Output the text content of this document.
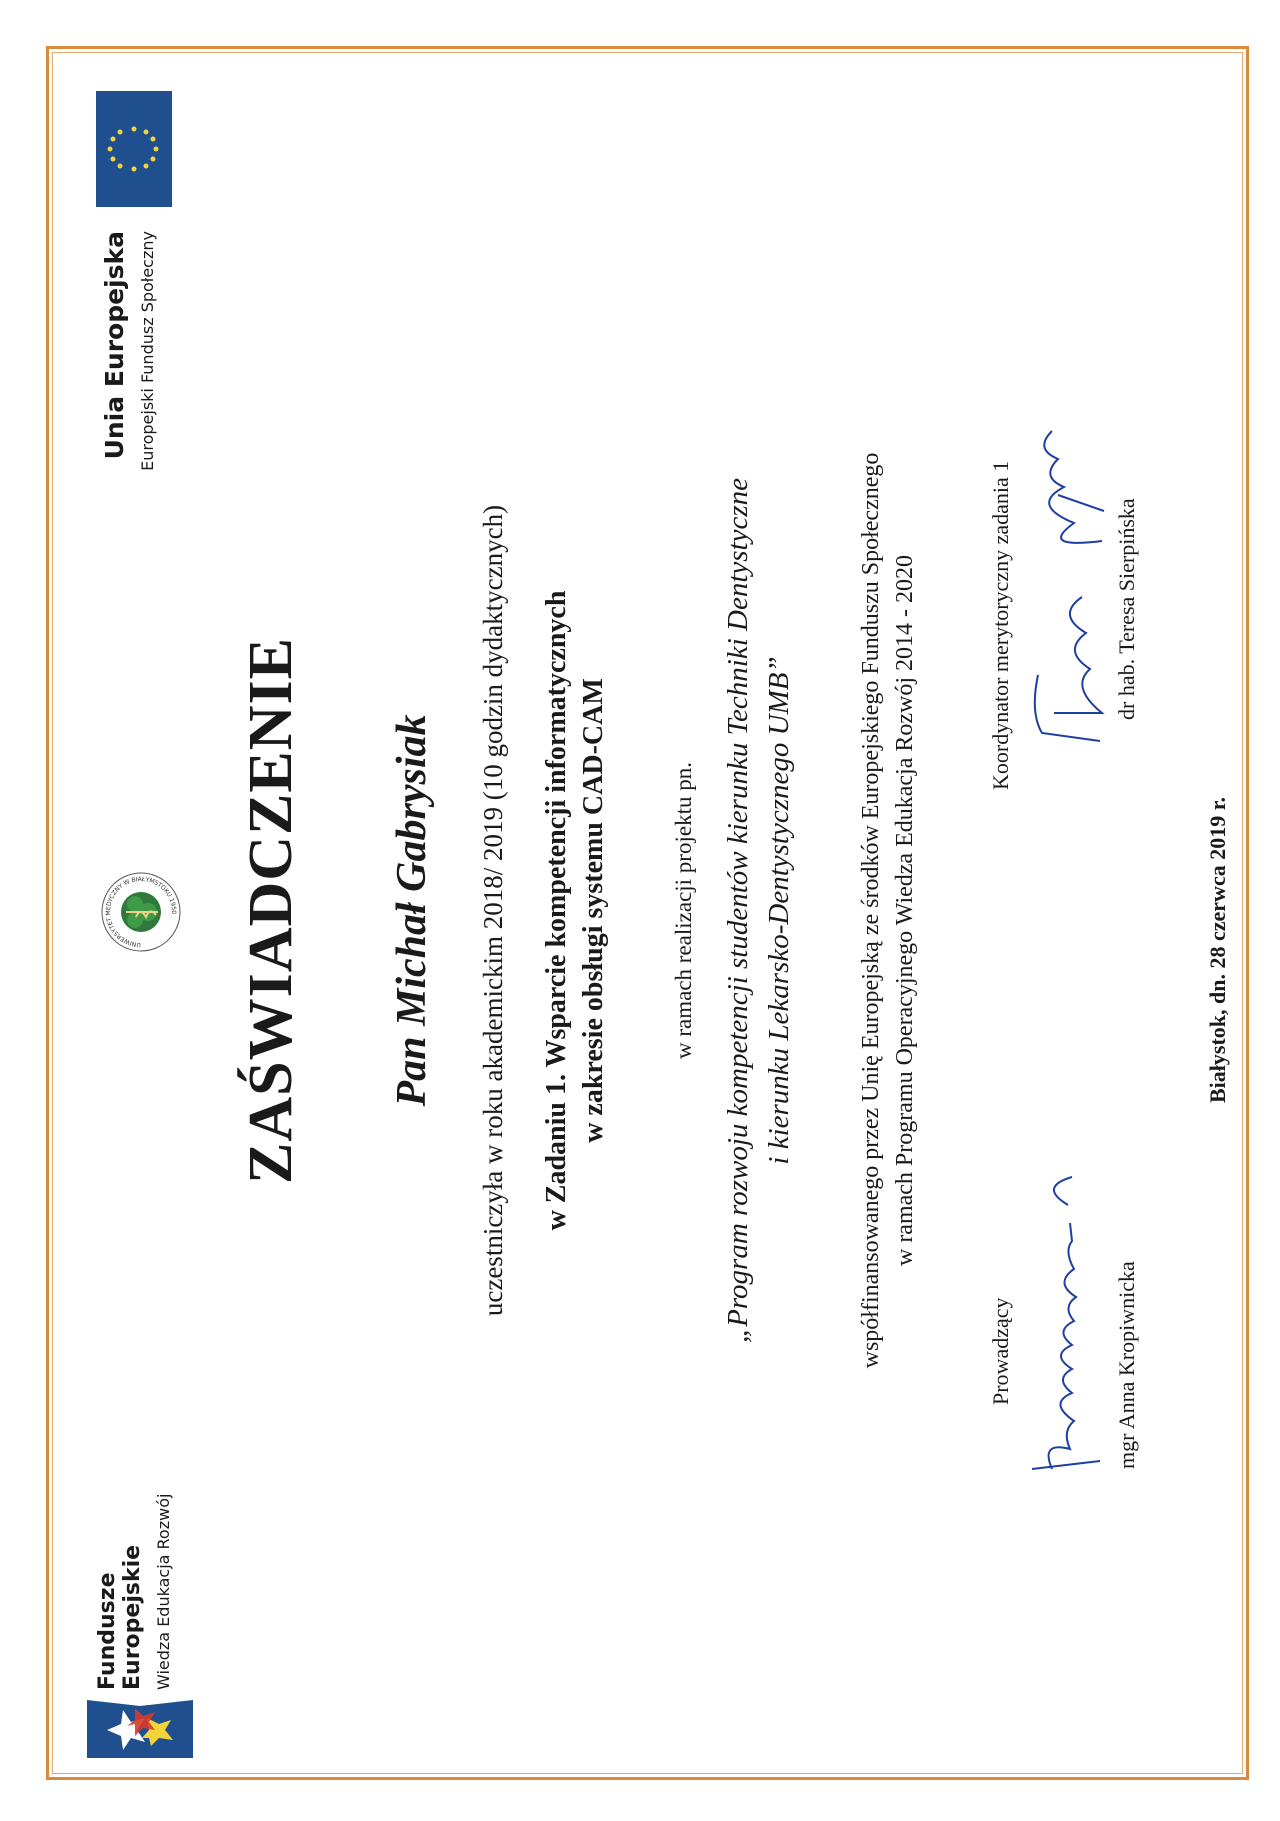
Unia Europejska Europejski Fundusz Społeczny
Fundusze Europejskie Wiedza Edukacja Rozwój
UNIWERSYTET MEDYCZNY W BIAŁYMSTOKU 1950 ZAŚWIADCZENIE Pan Michał Gabrysiak uczestniczyła w roku akademickim 2018/ 2019 (10 godzin dydaktycznych) w Zadaniu 1. Wsparcie kompetencji informatycznych w zakresie obsługi systemu CAD-CAM	w ramach realizacji projektu pn. „Program rozwoju kompetencji studentów kierunku Techniki Dentystyczne i kierunku Lekarsko-Dentystycznego UMB”	współfinansowanego przez Unię Europejską ze środków Europejskiego Funduszu Społecznego w ramach Programu Operacyjnego Wiedza Edukacja Rozwój 2014 - 2020
Prowadzący	mgr Anna Kropiwnicka
Koordynator merytoryczny zadania 1	dr hab. Teresa Sierpińska
Białystok, dn. 28 czerwca 2019 r.
